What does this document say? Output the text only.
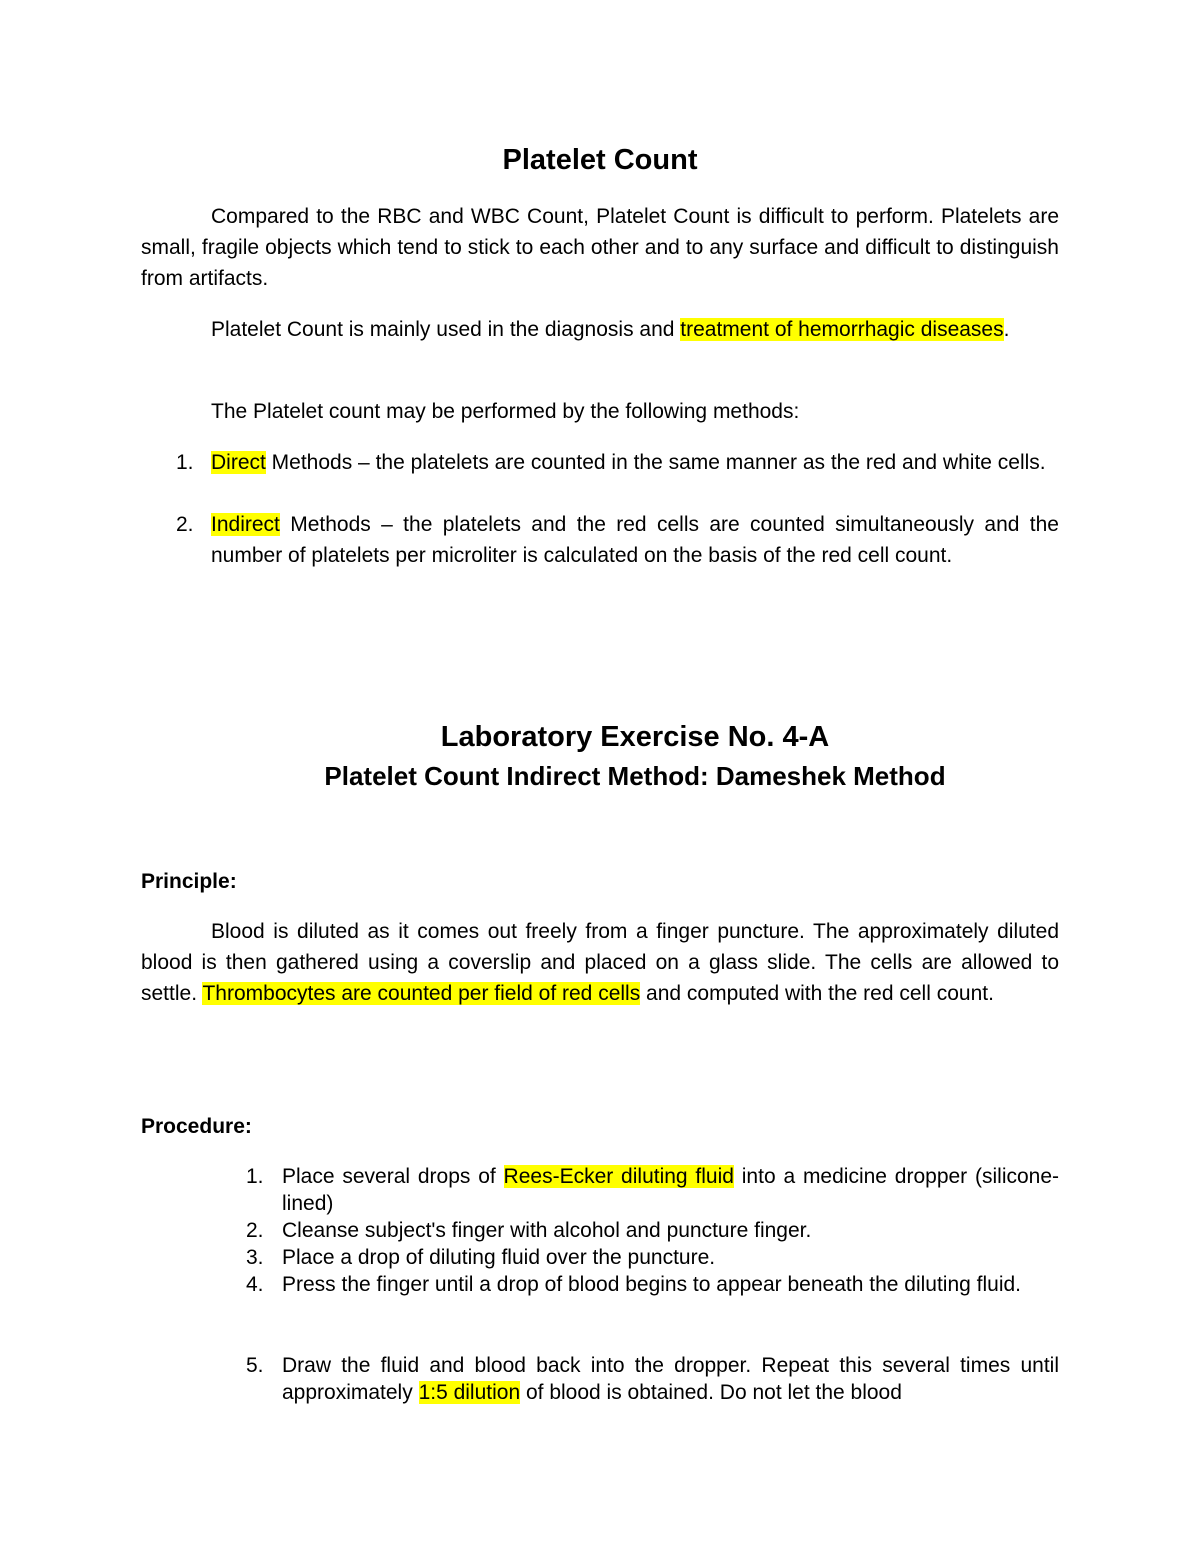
Platelet Count
Compared to the RBC and WBC Count, Platelet Count is difficult to perform. Platelets are small, fragile objects which tend to stick to each other and to any surface and difficult to distinguish from artifacts.
Platelet Count is mainly used in the diagnosis and treatment of hemorrhagic diseases.
The Platelet count may be performed by the following methods:
1. Direct Methods – the platelets are counted in the same manner as the red and white cells.
2. Indirect Methods – the platelets and the red cells are counted simultaneously and the number of platelets per microliter is calculated on the basis of the red cell count.
Laboratory Exercise No. 4-A
Platelet Count Indirect Method: Dameshek Method
Principle:
Blood is diluted as it comes out freely from a finger puncture. The approximately diluted blood is then gathered using a coverslip and placed on a glass slide. The cells are allowed to settle. Thrombocytes are counted per field of red cells and computed with the red cell count.
Procedure:
1. Place several drops of Rees-Ecker diluting fluid into a medicine dropper (silicone-lined)
2. Cleanse subject's finger with alcohol and puncture finger.
3. Place a drop of diluting fluid over the puncture.
4. Press the finger until a drop of blood begins to appear beneath the diluting fluid.
5. Draw the fluid and blood back into the dropper. Repeat this several times until approximately 1:5 dilution of blood is obtained. Do not let the blood
